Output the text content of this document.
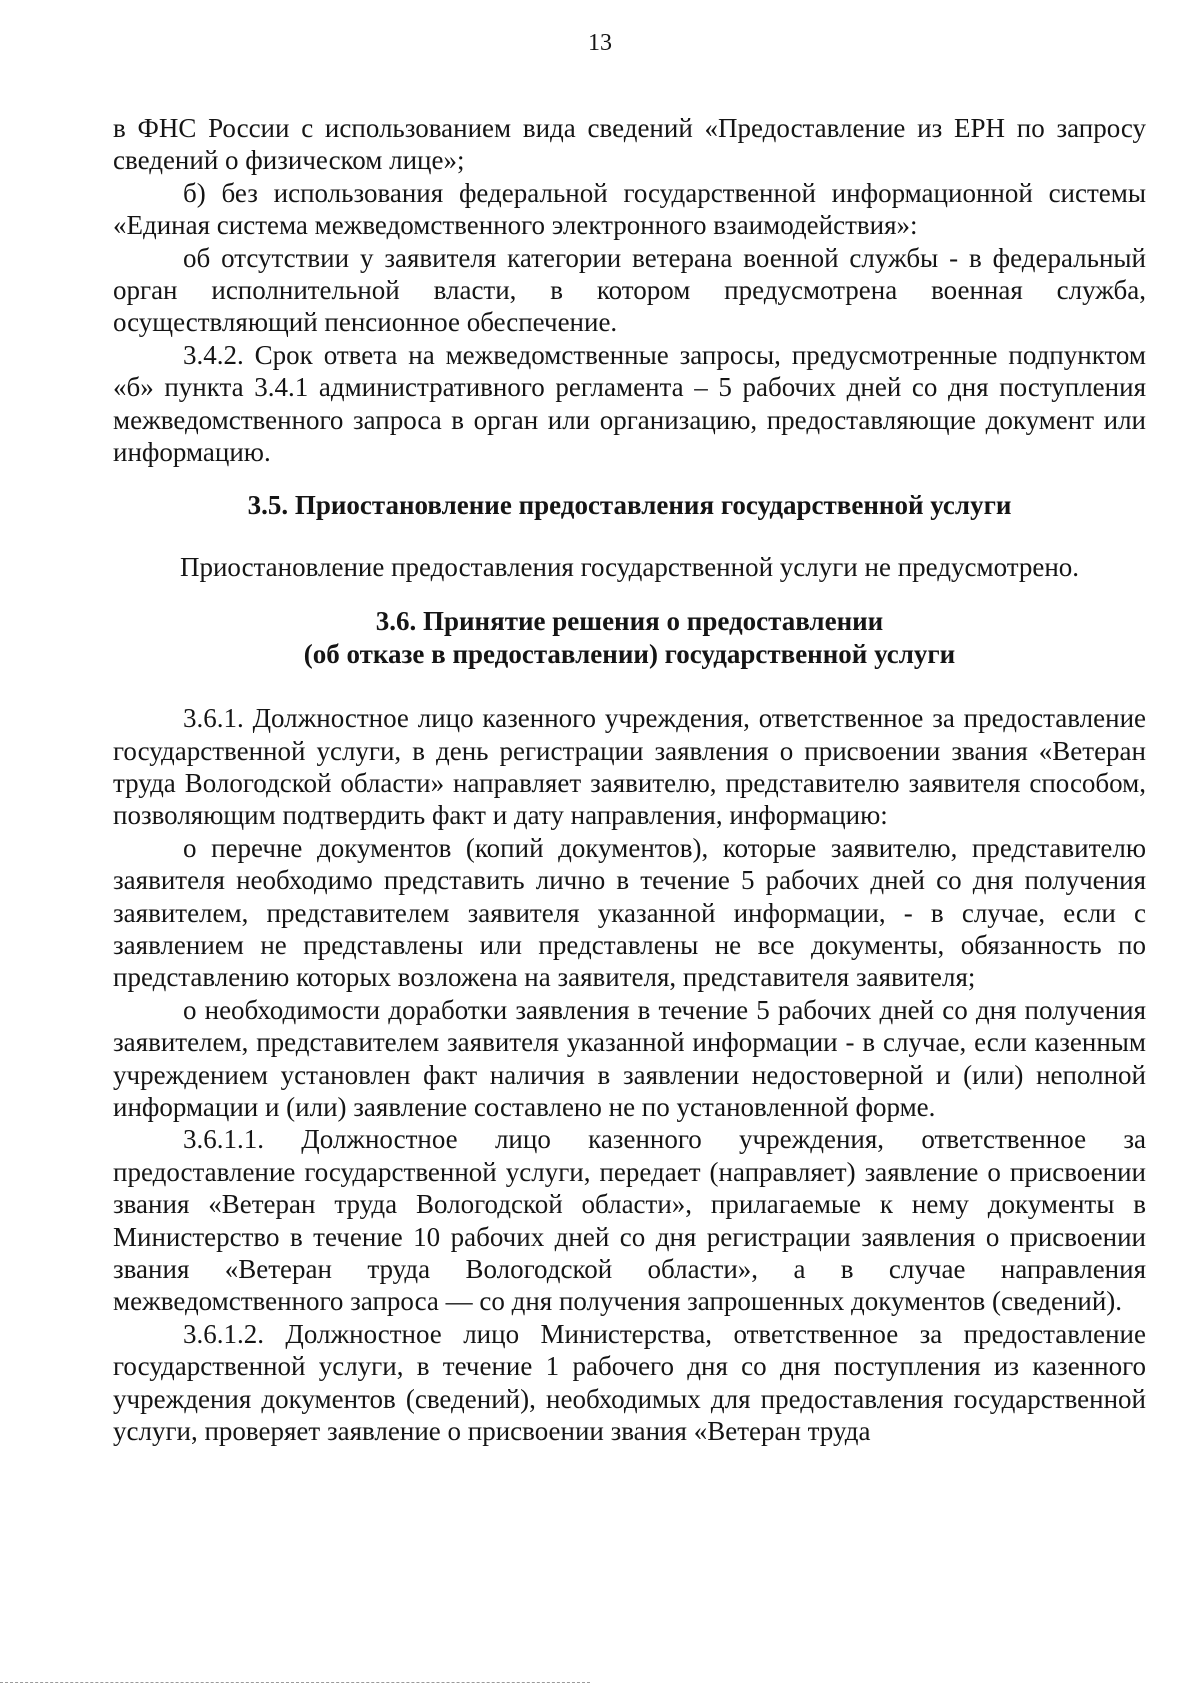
13

в ФНС России с использованием вида сведений «Предоставление из ЕРН по запросу сведений о физическом лице»;

б) без использования федеральной государственной информационной системы «Единая система межведомственного электронного взаимодействия»:

об отсутствии у заявителя категории ветерана военной службы - в федеральный орган исполнительной власти, в котором предусмотрена военная служба, осуществляющий пенсионное обеспечение.

3.4.2. Срок ответа на межведомственные запросы, предусмотренные подпунктом «б» пункта 3.4.1 административного регламента – 5 рабочих дней со дня поступления межведомственного запроса в орган или организацию, предоставляющие документ или информацию.

3.5. Приостановление предоставления государственной услуги

Приостановление предоставления государственной услуги не предусмотрено.

3.6. Принятие решения о предоставлении
(об отказе в предоставлении) государственной услуги

3.6.1. Должностное лицо казенного учреждения, ответственное за предоставление государственной услуги, в день регистрации заявления о присвоении звания «Ветеран труда Вологодской области» направляет заявителю, представителю заявителя способом, позволяющим подтвердить факт и дату направления, информацию:

о перечне документов (копий документов), которые заявителю, представителю заявителя необходимо представить лично в течение 5 рабочих дней со дня получения заявителем, представителем заявителя указанной информации, - в случае, если с заявлением не представлены или представлены не все документы, обязанность по представлению которых возложена на заявителя, представителя заявителя;

о необходимости доработки заявления в течение 5 рабочих дней со дня получения заявителем, представителем заявителя указанной информации - в случае, если казенным учреждением установлен факт наличия в заявлении недостоверной и (или) неполной информации и (или) заявление составлено не по установленной форме.

3.6.1.1. Должностное лицо казенного учреждения, ответственное за предоставление государственной услуги, передает (направляет) заявление о присвоении звания «Ветеран труда Вологодской области», прилагаемые к нему документы в Министерство в течение 10 рабочих дней со дня регистрации заявления о присвоении звания «Ветеран труда Вологодской области», а в случае направления межведомственного запроса — со дня получения запрошенных документов (сведений).

3.6.1.2. Должностное лицо Министерства, ответственное за предоставление государственной услуги, в течение 1 рабочего дня со дня поступления из казенного учреждения документов (сведений), необходимых для предоставления государственной услуги, проверяет заявление о присвоении звания «Ветеран труда
